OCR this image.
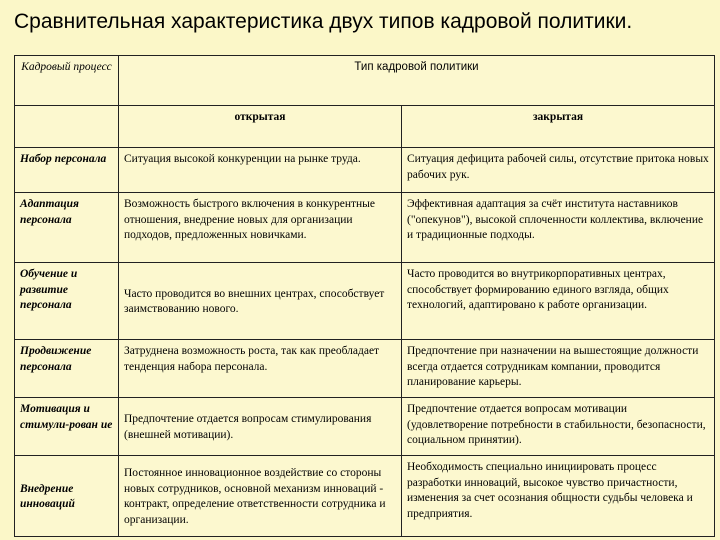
Сравнительная характеристика двух типов кадровой политики.
Кадровый процесс	Тип кадровой политики	
	открытая	закрытая
Набор персонала	Ситуация высокой конкуренции на рынке труда.	Ситуация дефицита рабочей силы, отсутствие притока новых рабочих рук.
Адаптация персонала	Возможность быстрого включения в конкурентные отношения, внедрение новых для организации подходов, предложенных новичками.	Эффективная адаптация за счёт института наставников ("опекунов"), высокой сплоченности коллектива, включение и традиционные подходы.
Обучение и развитие персонала	Часто проводится во внешних центрах, способствует заимствованию нового.	Часто проводится во внутрикорпоративных центрах, способствует формированию единого взгляда, общих технологий, адаптировано к работе организации.
Продвижение персонала	Затруднена возможность роста, так как преобладает тенденция набора персонала.	Предпочтение при назначении на вышестоящие должности всегда отдается сотрудникам компании, проводится планирование карьеры.
Мотивация и стимули-рован ие	Предпочтение отдается вопросам стимулирования (внешней мотивации).	Предпочтение отдается вопросам мотивации (удовлетворение потребности в стабильности, безопасности, социальном принятии).
Внедрение инноваций	Постоянное инновационное воздействие со стороны новых сотрудников, основной механизм инноваций - контракт, определение ответственности сотрудника и организации.	Необходимость специально инициировать процесс разработки инноваций, высокое чувство причастности, изменения за счет осознания общности судьбы человека и предприятия.
